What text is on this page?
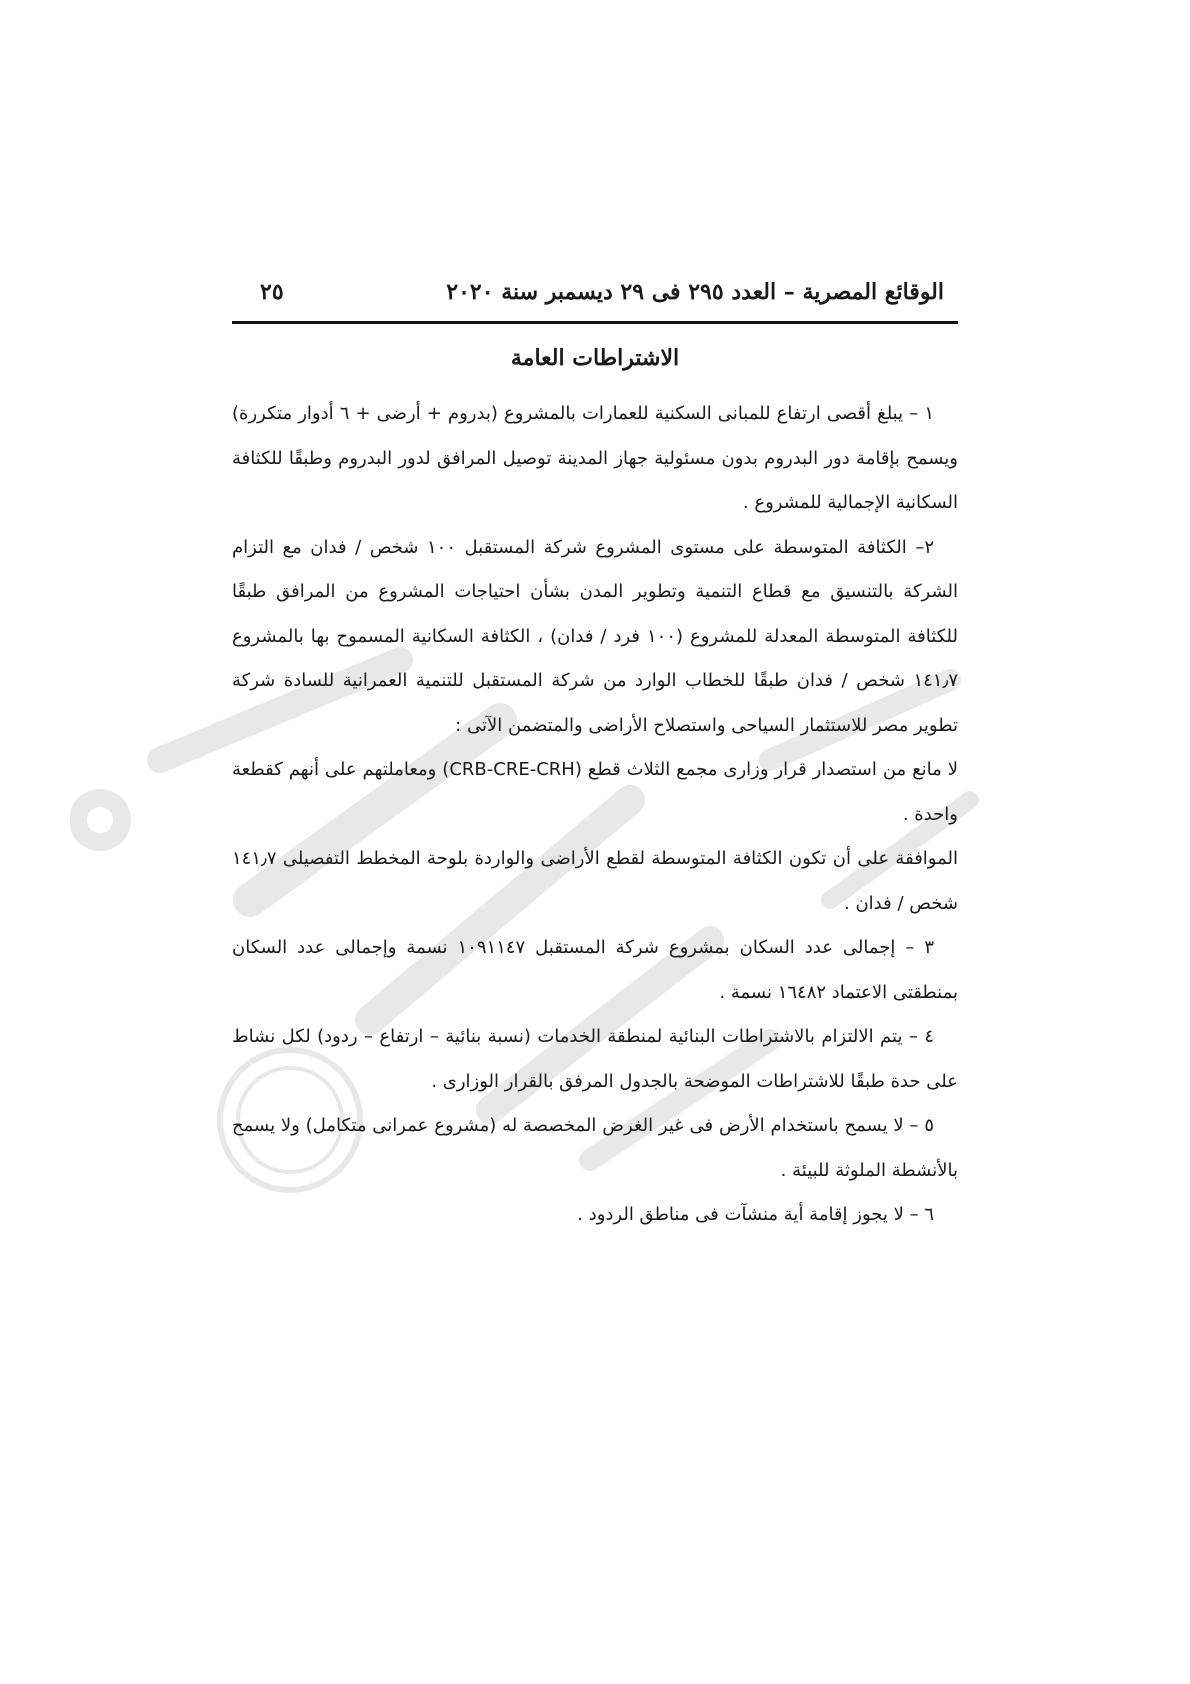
الوقائع المصرية – العدد ٢٩٥ فى ٢٩ ديسمبر سنة ٢٠٢٠
٢٥
الاشتراطات العامة

١ – يبلغ أقصى ارتفاع للمبانى السكنية للعمارات بالمشروع (بدروم + أرضى + ٦ أدوار متكررة) ويسمح بإقامة دور البدروم بدون مسئولية جهاز المدينة توصيل المرافق لدور البدروم وطبقًا للكثافة السكانية الإجمالية للمشروع .

٢– الكثافة المتوسطة على مستوى المشروع شركة المستقبل ١٠٠ شخص / فدان مع التزام الشركة بالتنسيق مع قطاع التنمية وتطوير المدن بشأن احتياجات المشروع من المرافق طبقًا للكثافة المتوسطة المعدلة للمشروع (١٠٠ فرد / فدان) ، الكثافة السكانية المسموح بها بالمشروع ١٤١٫٧ شخص / فدان طبقًا للخطاب الوارد من شركة المستقبل للتنمية العمرانية للسادة شركة تطوير مصر للاستثمار السياحى واستصلاح الأراضى والمتضمن الآتى :

لا مانع من استصدار قرار وزارى مجمع الثلاث قطع (CRB-CRE-CRH) ومعاملتهم على أنهم كقطعة واحدة .

الموافقة على أن تكون الكثافة المتوسطة لقطع الأراضى والواردة بلوحة المخطط التفصيلى ١٤١٫٧ شخص / فدان .

٣ – إجمالى عدد السكان بمشروع شركة المستقبل ١٠٩١١٤٧ نسمة وإجمالى عدد السكان بمنطقتى الاعتماد ١٦٤٨٢ نسمة .

٤ – يتم الالتزام بالاشتراطات البنائية لمنطقة الخدمات (نسبة بنائية – ارتفاع – ردود) لكل نشاط على حدة طبقًا للاشتراطات الموضحة بالجدول المرفق بالقرار الوزارى .

٥ – لا يسمح باستخدام الأرض فى غير الغرض المخصصة له (مشروع عمرانى متكامل) ولا يسمح بالأنشطة الملوثة للبيئة .

٦ – لا يجوز إقامة أية منشآت فى مناطق الردود .
